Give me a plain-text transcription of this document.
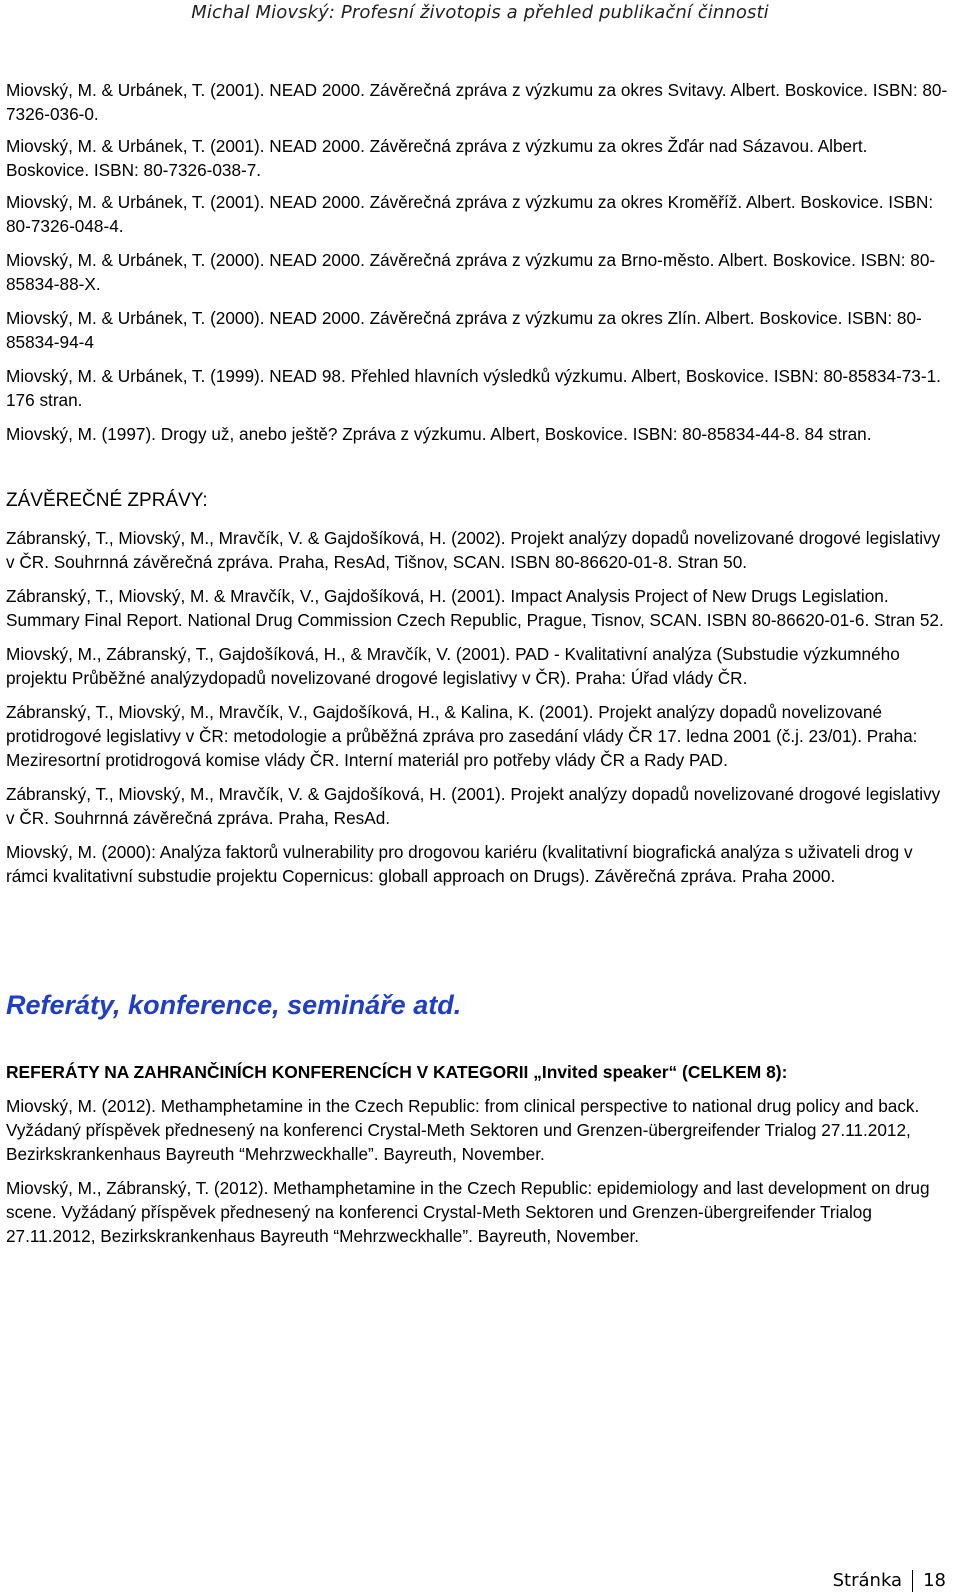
Michal Miovský: Profesní životopis a přehled publikační činnosti

Miovský, M. & Urbánek, T. (2001). NEAD 2000. Závěrečná zpráva z výzkumu za okres Svitavy. Albert. Boskovice. ISBN: 80-7326-036-0.

Miovský, M. & Urbánek, T. (2001). NEAD 2000. Závěrečná zpráva z výzkumu za okres Žďár nad Sázavou. Albert. Boskovice. ISBN: 80-7326-038-7.

Miovský, M. & Urbánek, T. (2001). NEAD 2000. Závěrečná zpráva z výzkumu za okres Kroměříž. Albert. Boskovice. ISBN: 80-7326-048-4.

Miovský, M. & Urbánek, T. (2000). NEAD 2000. Závěrečná zpráva z výzkumu za Brno-město. Albert. Boskovice. ISBN: 80-85834-88-X.

Miovský, M. & Urbánek, T. (2000). NEAD 2000. Závěrečná zpráva z výzkumu za okres Zlín. Albert. Boskovice. ISBN: 80-85834-94-4

Miovský, M. & Urbánek, T. (1999). NEAD 98. Přehled hlavních výsledků výzkumu. Albert, Boskovice. ISBN: 80-85834-73-1. 176 stran.

Miovský, M. (1997). Drogy už, anebo ještě? Zpráva z výzkumu. Albert, Boskovice. ISBN: 80-85834-44-8. 84 stran.

ZÁVĚREČNÉ ZPRÁVY:

Zábranský, T., Miovský, M., Mravčík, V. & Gajdošíková, H. (2002). Projekt analýzy dopadů novelizované drogové legislativy v ČR. Souhrnná závěrečná zpráva. Praha, ResAd, Tišnov, SCAN. ISBN 80-86620-01-8. Stran 50.

Zábranský, T., Miovský, M. & Mravčík, V., Gajdošíková, H. (2001). Impact Analysis Project of New Drugs Legislation. Summary Final Report. National Drug Commission Czech Republic, Prague, Tisnov, SCAN. ISBN 80-86620-01-6. Stran 52.

Miovský, M., Zábranský, T., Gajdošíková, H., & Mravčík, V. (2001). PAD - Kvalitativní analýza (Substudie výzkumného projektu Průběžné analýzydopadů novelizované drogové legislativy v ČR). Praha: Úřad vlády ČR.

Zábranský, T., Miovský, M., Mravčík, V., Gajdošíková, H., & Kalina, K. (2001). Projekt analýzy dopadů novelizované protidrogové legislativy v ČR: metodologie a průběžná zpráva pro zasedání vlády ČR 17. ledna 2001 (č.j. 23/01). Praha: Meziresortní protidrogová komise vlády ČR. Interní materiál pro potřeby vlády ČR a Rady PAD.

Zábranský, T., Miovský, M., Mravčík, V. & Gajdošíková, H. (2001). Projekt analýzy dopadů novelizované drogové legislativy v ČR. Souhrnná závěrečná zpráva. Praha, ResAd.

Miovský, M. (2000): Analýza faktorů vulnerability pro drogovou kariéru (kvalitativní biografická analýza s uživateli drog v rámci kvalitativní substudie projektu Copernicus: globall approach on Drugs). Závěrečná zpráva. Praha 2000.

Referáty, konference, semináře atd.
REFERÁTY NA ZAHRANČINÍCH KONFERENCÍCH V KATEGORII „Invited speaker“ (CELKEM 8):

Miovský, M. (2012). Methamphetamine in the Czech Republic: from clinical perspective to national drug policy and back. Vyžádaný příspěvek přednesený na konferenci Crystal-Meth Sektoren und Grenzen-übergreifender Trialog 27.11.2012, Bezirkskrankenhaus Bayreuth “Mehrzweckhalle”. Bayreuth, November.

Miovský, M., Zábranský, T. (2012). Methamphetamine in the Czech Republic: epidemiology and last development on drug scene. Vyžádaný příspěvek přednesený na konferenci Crystal-Meth Sektoren und Grenzen-übergreifender Trialog 27.11.2012, Bezirkskrankenhaus Bayreuth “Mehrzweckhalle”. Bayreuth, November.

Stránka 18
